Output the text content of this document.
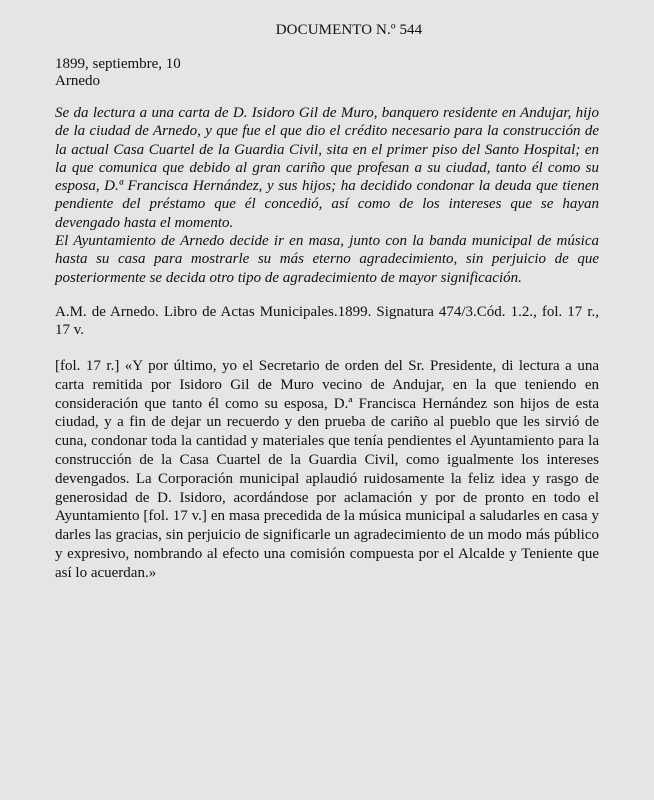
DOCUMENTO N.º 544

1899, septiembre, 10

Arnedo

Se da lectura a una carta de D. Isidoro Gil de Muro, banquero residente en Andujar, hijo de la ciudad de Arnedo, y que fue el que dio el crédito necesario para la construcción de la actual Casa Cuartel de la Guardia Civil, sita en el primer piso del Santo Hospital; en la que comunica que debido al gran cariño que profesan a su ciudad, tanto él como su esposa, D.ª Francisca Hernández, y sus hijos; ha decidido condonar la deuda que tienen pendiente del préstamo que él concedió, así como de los intereses que se hayan devengado hasta el momento.

El Ayuntamiento de Arnedo decide ir en masa, junto con la banda municipal de música hasta su casa para mostrarle su más eterno agradecimiento, sin perjuicio de que posteriormente se decida otro tipo de agradecimiento de mayor significación.

A.M. de Arnedo. Libro de Actas Municipales.1899. Signatura 474/3.Cód. 1.2., fol. 17 r., 17 v.

[fol. 17 r.] «Y por último, yo el Secretario de orden del Sr. Presidente, di lectura a una carta remitida por Isidoro Gil de Muro vecino de Andujar, en la que teniendo en consideración que tanto él como su esposa, D.ª Francisca Hernández son hijos de esta ciudad, y a fin de dejar un recuerdo y den prueba de cariño al pueblo que les sirvió de cuna, condonar toda la cantidad y materiales que tenía pendientes el Ayuntamiento para la construcción de la Casa Cuartel de la Guardia Civil, como igualmente los intereses devengados. La Corporación municipal aplaudió ruidosamente la feliz idea y rasgo de generosidad de D. Isidoro, acordándose por aclamación y por de pronto en todo el Ayuntamiento [fol. 17 v.] en masa precedida de la música municipal a saludarles en casa y darles las gracias, sin perjuicio de significarle un agradecimiento de un modo más público y expresivo, nombrando al efecto una comisión compuesta por el Alcalde y Teniente que así lo acuerdan.»
